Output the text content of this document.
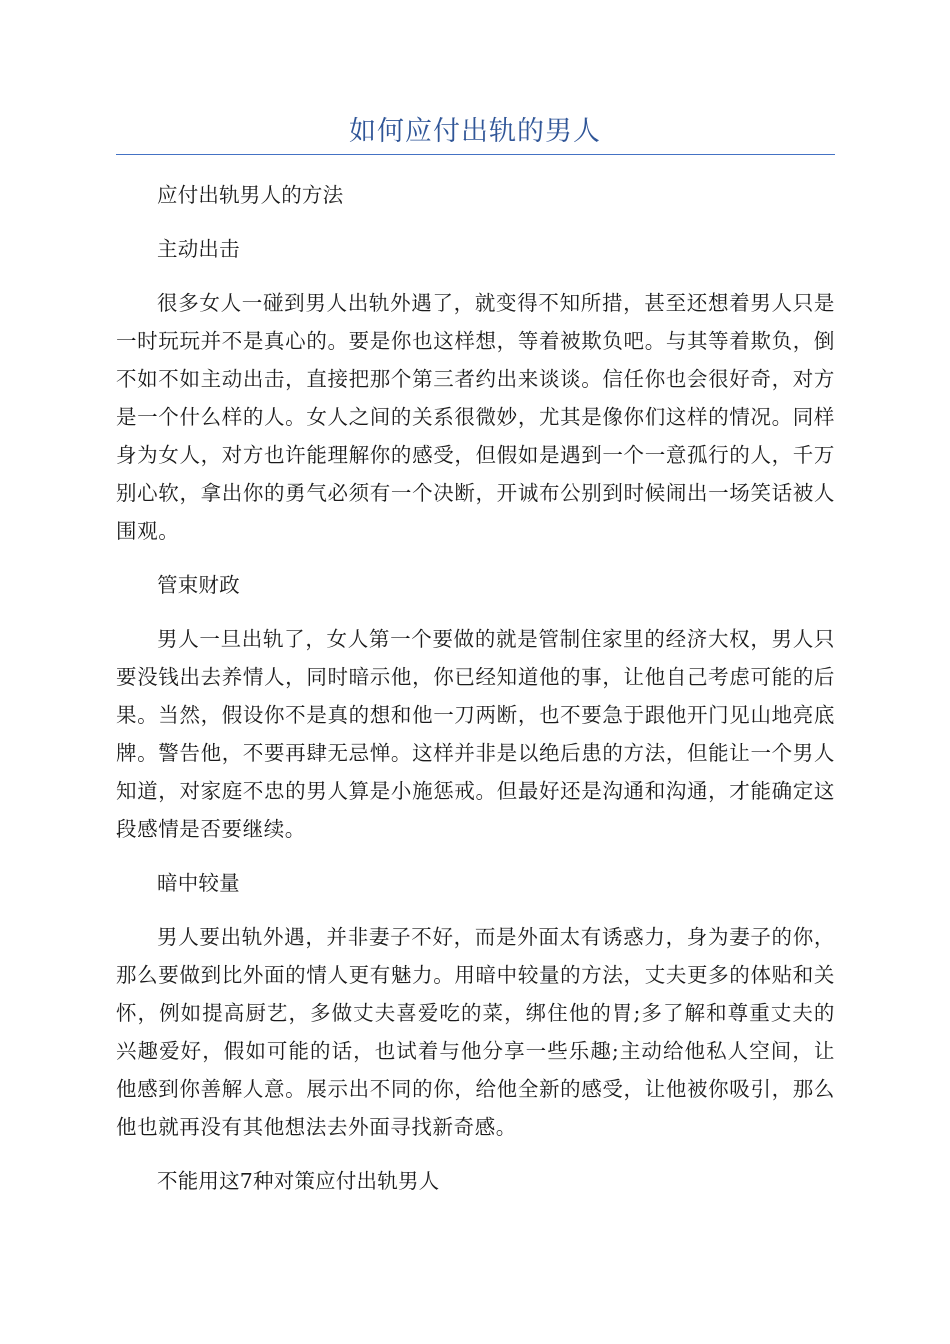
如何应付出轨的男人

应付出轨男人的方法

主动出击

很多女人一碰到男人出轨外遇了，就变得不知所措，甚至还想着男人只是一时玩玩并不是真心的。要是你也这样想，等着被欺负吧。与其等着欺负，倒不如不如主动出击，直接把那个第三者约出来谈谈。信任你也会很好奇，对方是一个什么样的人。女人之间的关系很微妙，尤其是像你们这样的情况。同样身为女人，对方也许能理解你的感受，但假如是遇到一个一意孤行的人，千万别心软，拿出你的勇气必须有一个决断，开诚布公别到时候闹出一场笑话被人围观。

管束财政

男人一旦出轨了，女人第一个要做的就是管制住家里的经济大权，男人只要没钱出去养情人，同时暗示他，你已经知道他的事，让他自己考虑可能的后果。当然，假设你不是真的想和他一刀两断，也不要急于跟他开门见山地亮底牌。警告他，不要再肆无忌惮。这样并非是以绝后患的方法，但能让一个男人知道，对家庭不忠的男人算是小施惩戒。但最好还是沟通和沟通，才能确定这段感情是否要继续。

暗中较量

男人要出轨外遇，并非妻子不好，而是外面太有诱惑力，身为妻子的你，那么要做到比外面的情人更有魅力。用暗中较量的方法，丈夫更多的体贴和关怀，例如提高厨艺，多做丈夫喜爱吃的菜，绑住他的胃;多了解和尊重丈夫的兴趣爱好，假如可能的话，也试着与他分享一些乐趣;主动给他私人空间，让他感到你善解人意。展示出不同的你，给他全新的感受，让他被你吸引，那么他也就再没有其他想法去外面寻找新奇感。

不能用这7种对策应付出轨男人
